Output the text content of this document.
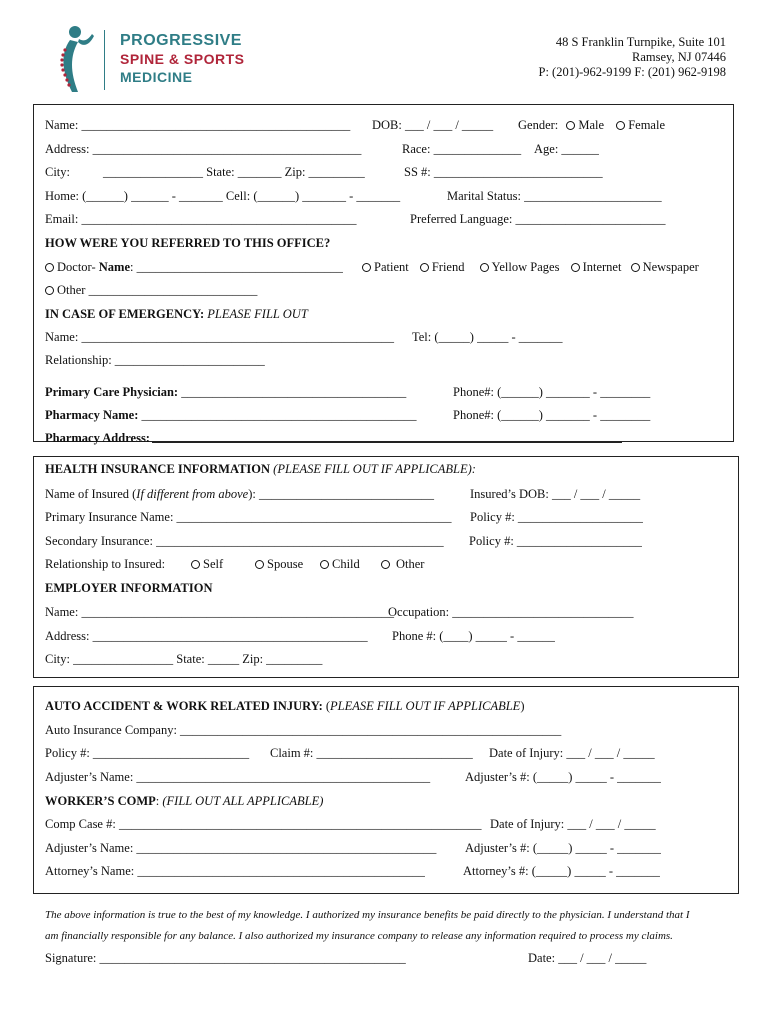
PROGRESSIVE
SPINE & SPORTS
MEDICINE
48 S Franklin Turnpike, Suite 101
Ramsey, NJ 07446
P: (201)-962-9199 F: (201) 962-9198
Name: ___________________________________________ DOB: ___ / ___ / _____ Gender: Male Female
Address: ___________________________________________	Race: ______________ Age: ______
City:	________________ State: _______ Zip: _________	SS #: ___________________________
Home: (______) ______ - _______ Cell: (______) _______ - _______	Marital Status: ______________________
Email: ____________________________________________	Preferred Language: ________________________
HOW WERE YOU REFERRED TO THIS OFFICE?
Doctor- Name: _________________________________	Patient Friend Yellow Pages Internet Newspaper
Other ___________________________
IN CASE OF EMERGENCY: PLEASE FILL OUT
Name: __________________________________________________ Tel: (_____) _____ - _______
Relationship: ________________________
Primary Care Physician: ____________________________________	Phone#: (______) _______ - ________
Pharmacy Name: ____________________________________________	Phone#: (______) _______ - ________
Pharmacy Address:
HEALTH INSURANCE INFORMATION (PLEASE FILL OUT IF APPLICABLE):
Name of Insured (If different from above): ____________________________	Insured’s DOB: ___ / ___ / _____
Primary Insurance Name: ____________________________________________ Policy #: ____________________
Secondary Insurance: ______________________________________________ Policy #: ____________________
Relationship to Insured:	Self	Spouse	Child	Other
EMPLOYER INFORMATION
Name: __________________________________________________
Occupation: _____________________________
Address: ____________________________________________ Phone #: (____) _____ - ______
City: ________________ State: _____ Zip: _________
AUTO ACCIDENT & WORK RELATED INJURY: (PLEASE FILL OUT IF APPLICABLE)
Auto Insurance Company: _____________________________________________________________
Policy #: _________________________ Claim #: _________________________ Date of Injury: ___ / ___ / _____
Adjuster’s Name: _______________________________________________	Adjuster’s #: (_____) _____ - _______
WORKER’S COMP: (FILL OUT ALL APPLICABLE)
Comp Case #: __________________________________________________________ Date of Injury: ___ / ___ / _____
Adjuster’s Name: ________________________________________________ Adjuster’s #: (_____) _____ - _______
Attorney’s Name: ______________________________________________	Attorney’s #: (_____) _____ - _______
The above information is true to the best of my knowledge. I authorized my insurance benefits be paid directly to the physician. I understand that I
am financially responsible for any balance. I also authorized my insurance company to release any information required to process my claims.
Signature: _________________________________________________	Date: ___ / ___ / _____
